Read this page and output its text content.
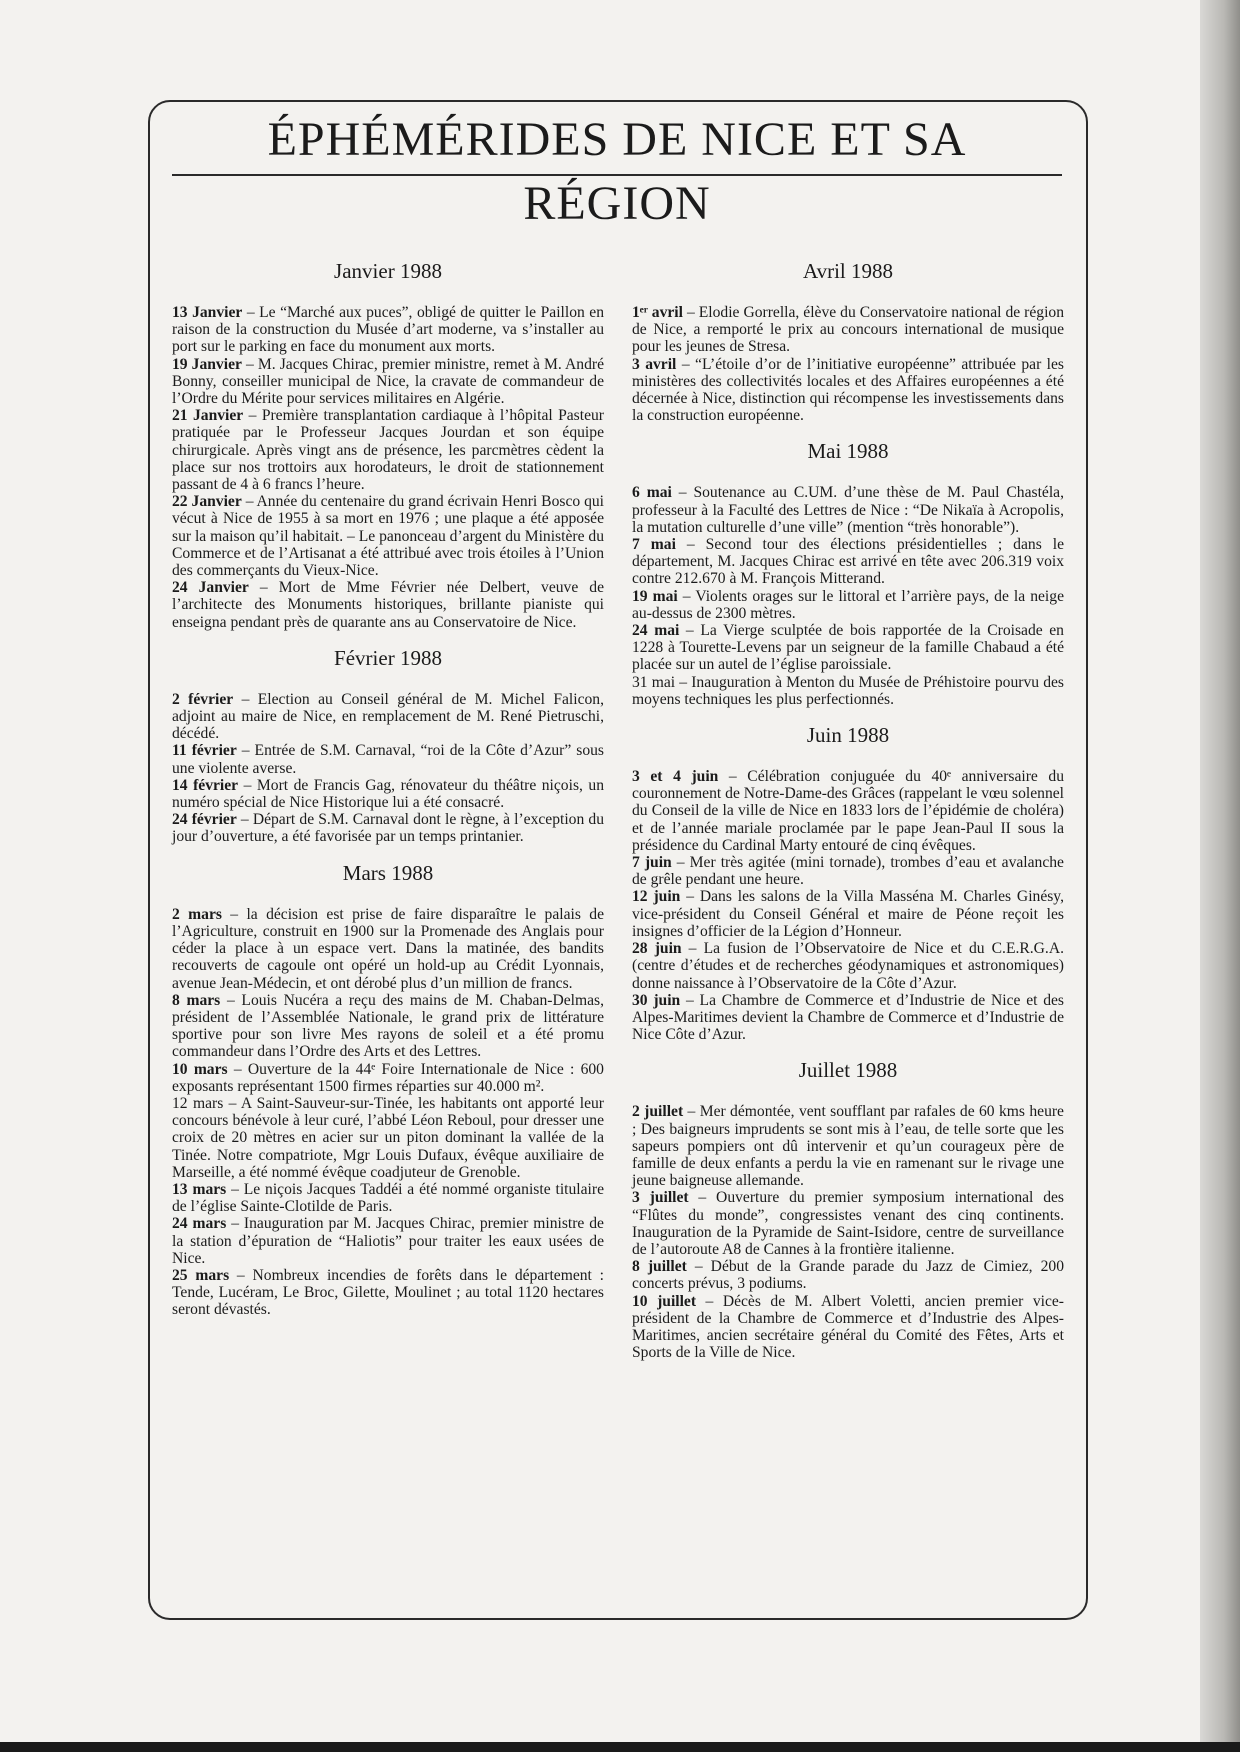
ÉPHÉMÉRIDES DE NICE ET SA RÉGION
Janvier 1988

13 Janvier – Le “Marché aux puces”, obligé de quitter le Paillon en raison de la construction du Musée d’art moderne, va s’installer au port sur le parking en face du monument aux morts.

19 Janvier – M. Jacques Chirac, premier ministre, remet à M. André Bonny, conseiller municipal de Nice, la cravate de commandeur de l’Ordre du Mérite pour services militaires en Algérie.

21 Janvier – Première transplantation cardiaque à l’hôpital Pasteur pratiquée par le Professeur Jacques Jourdan et son équipe chirurgicale. Après vingt ans de présence, les parcmètres cèdent la place sur nos trottoirs aux horodateurs, le droit de stationnement passant de 4 à 6 francs l’heure.

22 Janvier – Année du centenaire du grand écrivain Henri Bosco qui vécut à Nice de 1955 à sa mort en 1976 ; une plaque a été apposée sur la maison qu’il habitait. – Le panonceau d’argent du Ministère du Commerce et de l’Artisanat a été attribué avec trois étoiles à l’Union des commerçants du Vieux-Nice.

24 Janvier – Mort de Mme Février née Delbert, veuve de l’architecte des Monuments historiques, brillante pianiste qui enseigna pendant près de quarante ans au Conservatoire de Nice.

Février 1988

2 février – Election au Conseil général de M. Michel Falicon, adjoint au maire de Nice, en remplacement de M. René Pietruschi, décédé.

11 février – Entrée de S.M. Carnaval, “roi de la Côte d’Azur” sous une violente averse.

14 février – Mort de Francis Gag, rénovateur du théâtre niçois, un numéro spécial de Nice Historique lui a été consacré.

24 février – Départ de S.M. Carnaval dont le règne, à l’exception du jour d’ouverture, a été favorisée par un temps printanier.

Mars 1988

2 mars – la décision est prise de faire disparaître le palais de l’Agriculture, construit en 1900 sur la Promenade des Anglais pour céder la place à un espace vert. Dans la matinée, des bandits recouverts de cagoule ont opéré un hold-up au Crédit Lyonnais, avenue Jean-Médecin, et ont dérobé plus d’un million de francs.

8 mars – Louis Nucéra a reçu des mains de M. Chaban-Delmas, président de l’Assemblée Nationale, le grand prix de littérature sportive pour son livre Mes rayons de soleil et a été promu commandeur dans l’Ordre des Arts et des Lettres.

10 mars – Ouverture de la 44ᵉ Foire Internationale de Nice : 600 exposants représentant 1500 firmes réparties sur 40.000 m².

12 mars – A Saint-Sauveur-sur-Tinée, les habitants ont apporté leur concours bénévole à leur curé, l’abbé Léon Reboul, pour dresser une croix de 20 mètres en acier sur un piton dominant la vallée de la Tinée. Notre compatriote, Mgr Louis Dufaux, évêque auxiliaire de Marseille, a été nommé évêque coadjuteur de Grenoble.

13 mars – Le niçois Jacques Taddéi a été nommé organiste titulaire de l’église Sainte-Clotilde de Paris.

24 mars – Inauguration par M. Jacques Chirac, premier ministre de la station d’épuration de “Haliotis” pour traiter les eaux usées de Nice.

25 mars – Nombreux incendies de forêts dans le département : Tende, Lucéram, Le Broc, Gilette, Moulinet ; au total 1120 hectares seront dévastés.

Avril 1988

1ᵉʳ avril – Elodie Gorrella, élève du Conservatoire national de région de Nice, a remporté le prix au concours international de musique pour les jeunes de Stresa.

3 avril – “L’étoile d’or de l’initiative européenne” attribuée par les ministères des collectivités locales et des Affaires européennes a été décernée à Nice, distinction qui récompense les investissements dans la construction européenne.

Mai 1988

6 mai – Soutenance au C.UM. d’une thèse de M. Paul Chastéla, professeur à la Faculté des Lettres de Nice : “De Nikaïa à Acropolis, la mutation culturelle d’une ville” (mention “très honorable”).

7 mai – Second tour des élections présidentielles ; dans le département, M. Jacques Chirac est arrivé en tête avec 206.319 voix contre 212.670 à M. François Mitterand.

19 mai – Violents orages sur le littoral et l’arrière pays, de la neige au-dessus de 2300 mètres.

24 mai – La Vierge sculptée de bois rapportée de la Croisade en 1228 à Tourette-Levens par un seigneur de la famille Chabaud a été placée sur un autel de l’église paroissiale.

31 mai – Inauguration à Menton du Musée de Préhistoire pourvu des moyens techniques les plus perfectionnés.

Juin 1988

3 et 4 juin – Célébration conjuguée du 40ᵉ anniversaire du couronnement de Notre-Dame-des Grâces (rappelant le vœu solennel du Conseil de la ville de Nice en 1833 lors de l’épidémie de choléra) et de l’année mariale proclamée par le pape Jean-Paul II sous la présidence du Cardinal Marty entouré de cinq évêques.

7 juin – Mer très agitée (mini tornade), trombes d’eau et avalanche de grêle pendant une heure.

12 juin – Dans les salons de la Villa Masséna M. Charles Ginésy, vice-président du Conseil Général et maire de Péone reçoit les insignes d’officier de la Légion d’Honneur.

28 juin – La fusion de l’Observatoire de Nice et du C.E.R.G.A. (centre d’études et de recherches géodynamiques et astronomiques) donne naissance à l’Observatoire de la Côte d’Azur.

30 juin – La Chambre de Commerce et d’Industrie de Nice et des Alpes-Maritimes devient la Chambre de Commerce et d’Industrie de Nice Côte d’Azur.

Juillet 1988

2 juillet – Mer démontée, vent soufflant par rafales de 60 kms heure ; Des baigneurs imprudents se sont mis à l’eau, de telle sorte que les sapeurs pompiers ont dû intervenir et qu’un courageux père de famille de deux enfants a perdu la vie en ramenant sur le rivage une jeune baigneuse allemande.

3 juillet – Ouverture du premier symposium international des “Flûtes du monde”, congressistes venant des cinq continents. Inauguration de la Pyramide de Saint-Isidore, centre de surveillance de l’autoroute A8 de Cannes à la frontière italienne.

8 juillet – Début de la Grande parade du Jazz de Cimiez, 200 concerts prévus, 3 podiums.

10 juillet – Décès de M. Albert Voletti, ancien premier vice-président de la Chambre de Commerce et d’Industrie des Alpes-Maritimes, ancien secrétaire général du Comité des Fêtes, Arts et Sports de la Ville de Nice.
